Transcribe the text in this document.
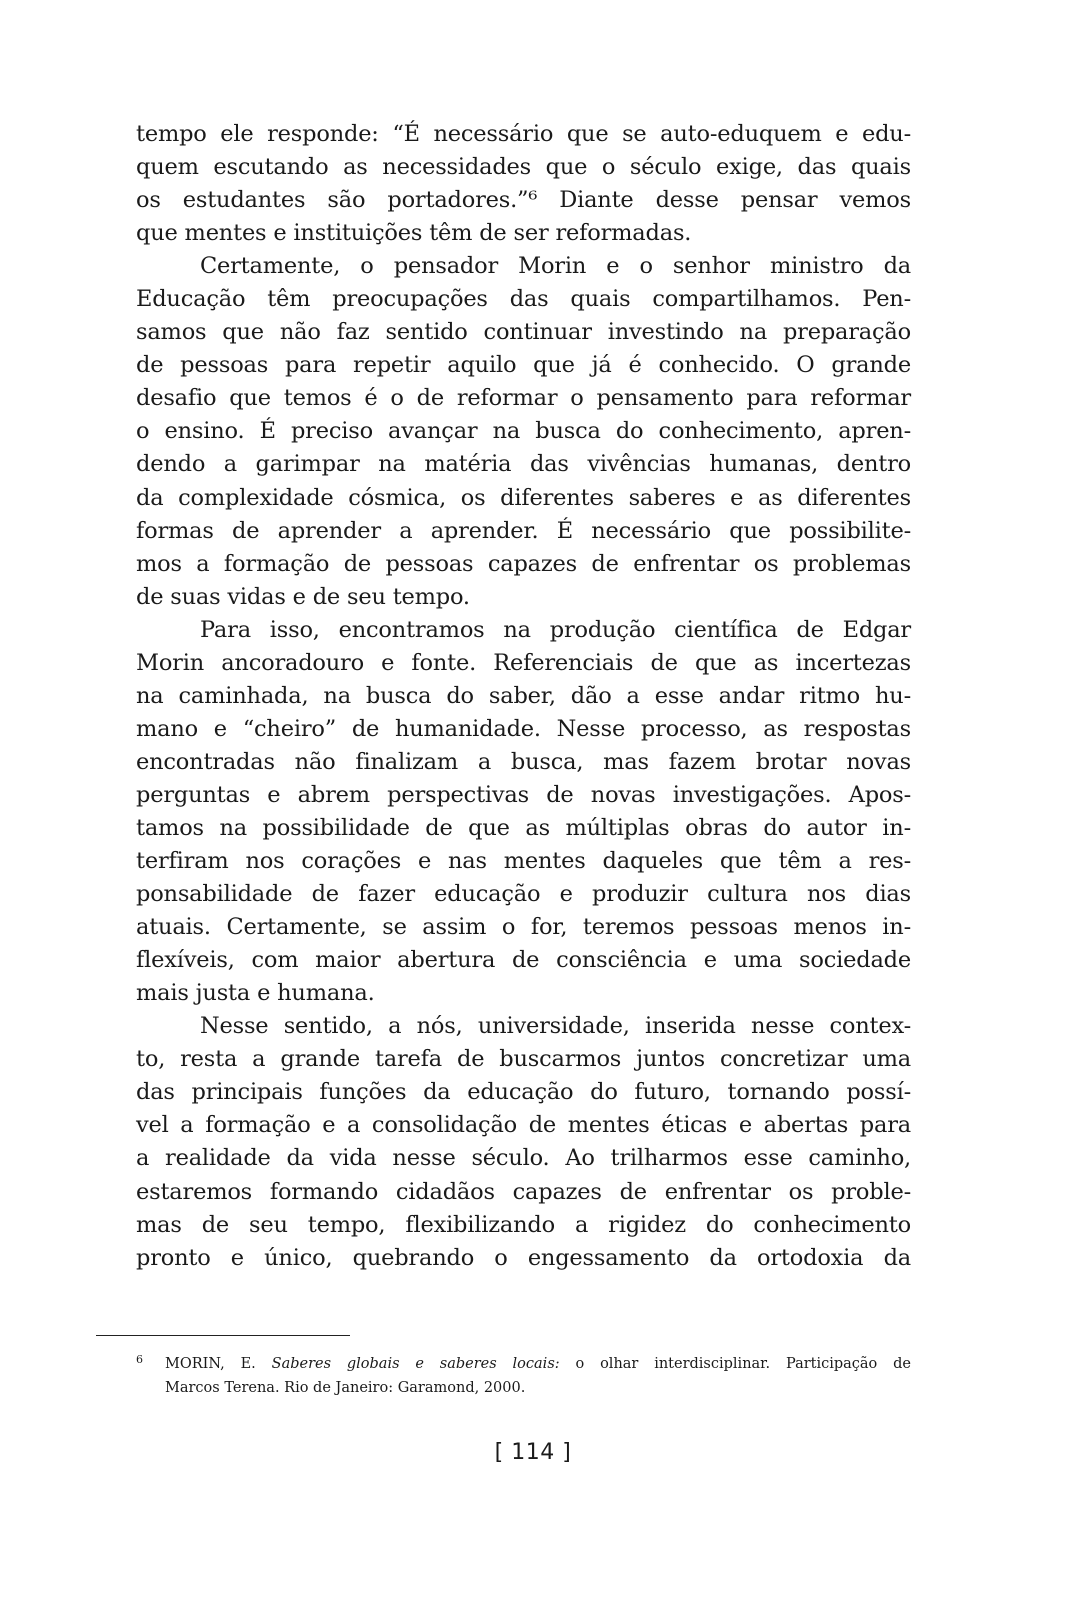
tempo ele responde: “É necessário que se auto-eduquem e edu-
quem escutando as necessidades que o século exige, das quais
os estudantes são portadores.”⁶ Diante desse pensar vemos
que mentes e instituições têm de ser reformadas.
Certamente, o pensador Morin e o senhor ministro da
Educação têm preocupações das quais compartilhamos. Pen-
samos que não faz sentido continuar investindo na preparação
de pessoas para repetir aquilo que já é conhecido. O grande
desafio que temos é o de reformar o pensamento para reformar
o ensino. É preciso avançar na busca do conhecimento, apren-
dendo a garimpar na matéria das vivências humanas, dentro
da complexidade cósmica, os diferentes saberes e as diferentes
formas de aprender a aprender. É necessário que possibilite-
mos a formação de pessoas capazes de enfrentar os problemas
de suas vidas e de seu tempo.
Para isso, encontramos na produção científica de Edgar
Morin ancoradouro e fonte. Referenciais de que as incertezas
na caminhada, na busca do saber, dão a esse andar ritmo hu-
mano e “cheiro” de humanidade. Nesse processo, as respostas
encontradas não finalizam a busca, mas fazem brotar novas
perguntas e abrem perspectivas de novas investigações. Apos-
tamos na possibilidade de que as múltiplas obras do autor in-
terfiram nos corações e nas mentes daqueles que têm a res-
ponsabilidade de fazer educação e produzir cultura nos dias
atuais. Certamente, se assim o for, teremos pessoas menos in-
flexíveis, com maior abertura de consciência e uma sociedade
mais justa e humana.
Nesse sentido, a nós, universidade, inserida nesse contex-
to, resta a grande tarefa de buscarmos juntos concretizar uma
das principais funções da educação do futuro, tornando possí-
vel a formação e a consolidação de mentes éticas e abertas para
a realidade da vida nesse século. Ao trilharmos esse caminho,
estaremos formando cidadãos capazes de enfrentar os proble-
mas de seu tempo, flexibilizando a rigidez do conhecimento
pronto e único, quebrando o engessamento da ortodoxia da
6 MORIN, E. Saberes globais e saberes locais: o olhar interdisciplinar. Participação de
Marcos Terena. Rio de Janeiro: Garamond, 2000.
[ 114 ]
